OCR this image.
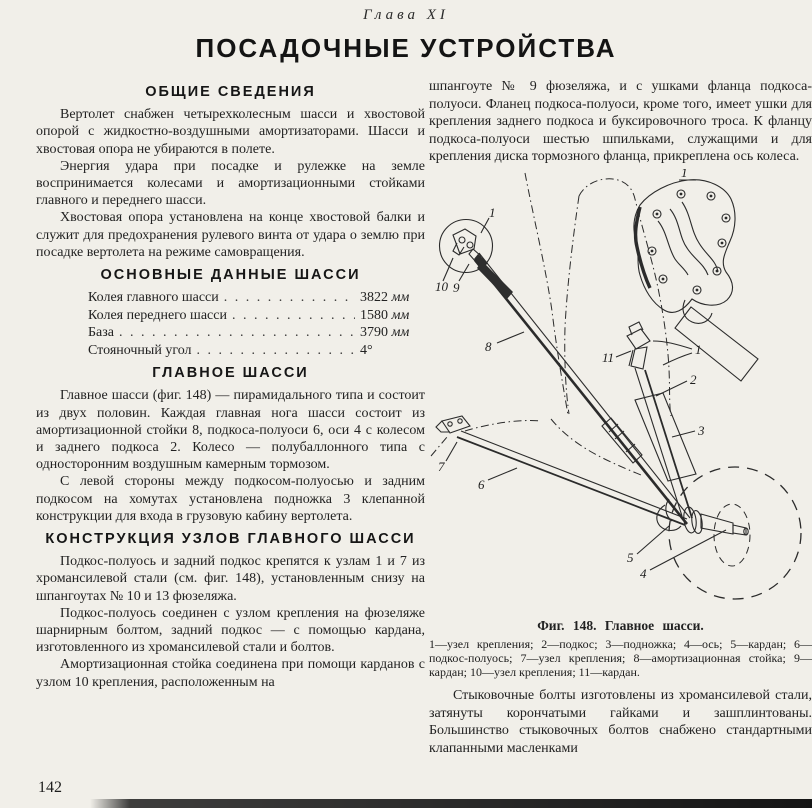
Глава XI
ПОСАДОЧНЫЕ УСТРОЙСТВА
ОБЩИЕ СВЕДЕНИЯ

Вертолет снабжен четырехколесным шасси и хвостовой опорой с жидкостно-воздушными амортизаторами. Шасси и хвостовая опора не убираются в полете.

Энергия удара при посадке и рулежке на земле воспринимается колесами и амортизационными стойками главного и переднего шасси.

Хвостовая опора установлена на конце хвостовой балки и служит для предохранения рулевого винта от удара о землю при посадке вертолета на режиме самовращения.

ОСНОВНЫЕ ДАННЫЕ ШАССИ
Колея главного шасси . . .	3822 мм
Колея переднего шасси . . .	1580 мм
База . . .	3790 мм
Стояночный угол . . .	4°
ГЛАВНОЕ ШАССИ

Главное шасси (фиг. 148) — пирамидального типа и состоит из двух половин. Каждая главная нога шасси состоит из амортизационной стойки 8, подкоса-полуоси 6, оси 4 с колесом и заднего подкоса 2. Колесо — полубаллонного типа с односторонним воздушным камерным тормозом.

С левой стороны между подкосом-полуосью и задним подкосом на хомутах установлена подножка 3 клепанной конструкции для входа в грузовую кабину вертолета.

КОНСТРУКЦИЯ УЗЛОВ ГЛАВНОГО ШАССИ

Подкос-полуось и задний подкос крепятся к узлам 1 и 7 из хромансилевой стали (см. фиг. 148), установленным снизу на шпангоутах № 10 и 13 фюзеляжа.

Подкос-полуось соединен с узлом крепления на фюзеляже шарнирным болтом, задний подкос — с помощью кардана, изготовленного из хромансилевой стали и болтов.

Амортизационная стойка соединена при помощи карданов с узлом 10 крепления, расположенным на

шпангоуте № 9 фюзеляжа, и с ушками фланца подкоса-полуоси. Фланец подкоса-полуоси, кроме того, имеет ушки для крепления заднего подкоса и буксировочного троса. К фланцу подкоса-полуоси шестью шпильками, служащими и для крепления диска тормозного фланца, прикреплена ось колеса.

1
10 9
8
1
11
1
2
3
7
6
5
4
Фиг. 148. Главное шасси.

1—узел крепления; 2—подкос; 3—подножка; 4—ось; 5—кардан; 6—подкос-полуось; 7—узел крепления; 8—амортизационная стойка; 9—кардан; 10—узел крепления; 11—кардан.

Стыковочные болты изготовлены из хромансилевой стали, затянуты корончатыми гайками и зашплинтованы. Большинство стыковочных болтов снабжено стандартными клапанными масленками

142
